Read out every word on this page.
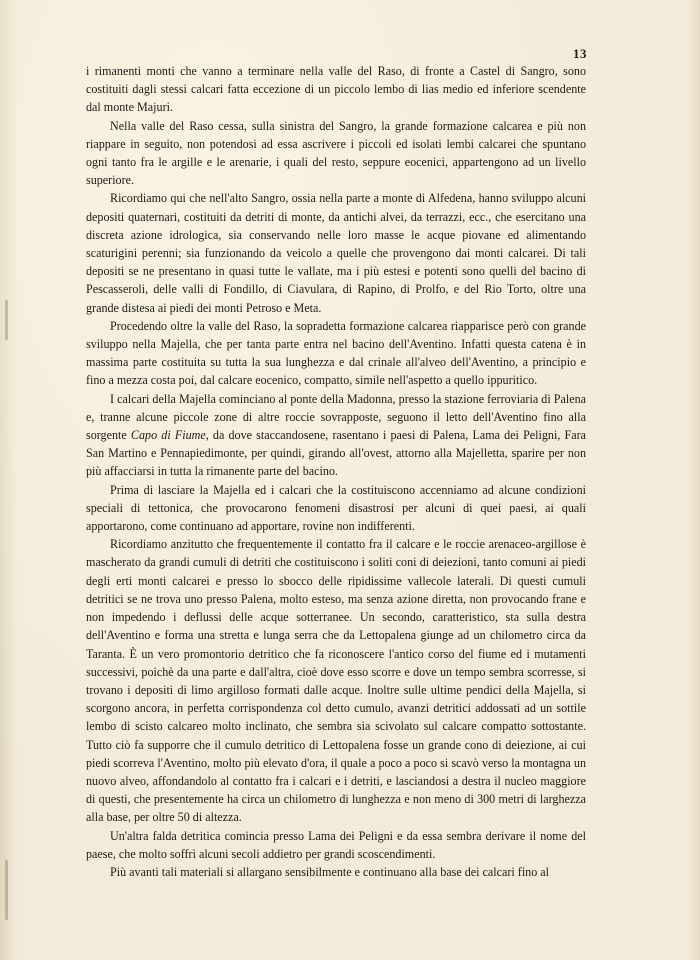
13

i rimanenti monti che vanno a terminare nella valle del Raso, di fronte a Castel di Sangro, sono costituiti dagli stessi calcari fatta eccezione di un piccolo lembo di lias medio ed inferiore scendente dal monte Majuri.

Nella valle del Raso cessa, sulla sinistra del Sangro, la grande formazione calcarea e più non riappare in seguito, non potendosi ad essa ascrivere i piccoli ed isolati lembi calcarei che spuntano ogni tanto fra le argille e le arenarie, i quali del resto, seppure eocenici, appartengono ad un livello superiore.

Ricordiamo qui che nell'alto Sangro, ossia nella parte a monte di Alfedena, hanno sviluppo alcuni depositi quaternari, costituiti da detriti di monte, da antichi alvei, da terrazzi, ecc., che esercitano una discreta azione idrologica, sia conservando nelle loro masse le acque piovane ed alimentando scaturigini perenni; sia funzionando da veicolo a quelle che provengono dai monti calcarei. Di tali depositi se ne presentano in quasi tutte le vallate, ma i più estesi e potenti sono quelli del bacino di Pescasseroli, delle valli di Fondillo, di Ciavulara, di Rapino, di Prolfo, e del Rio Torto, oltre una grande distesa ai piedi dei monti Petroso e Meta.

Procedendo oltre la valle del Raso, la sopradetta formazione calcarea riapparisce però con grande sviluppo nella Majella, che per tanta parte entra nel bacino dell'Aventino. Infatti questa catena è in massima parte costituita su tutta la sua lunghezza e dal crinale all'alveo dell'Aventino, a principio e fino a mezza costa poi, dal calcare eocenico, compatto, simile nell'aspetto a quello ippuritico.

I calcari della Majella cominciano al ponte della Madonna, presso la stazione ferroviaria di Palena e, tranne alcune piccole zone di altre roccie sovrapposte, seguono il letto dell'Aventino fino alla sorgente Capo di Fiume, da dove staccandosene, rasentano i paesi di Palena, Lama dei Peligni, Fara San Martino e Pennapiedimonte, per quindi, girando all'ovest, attorno alla Majelletta, sparire per non più affacciarsi in tutta la rimanente parte del bacino.

Prima di lasciare la Majella ed i calcari che la costituiscono accenniamo ad alcune condizioni speciali di tettonica, che provocarono fenomeni disastrosi per alcuni di quei paesi, ai quali apportarono, come continuano ad apportare, rovine non indifferenti.

Ricordiamo anzitutto che frequentemente il contatto fra il calcare e le roccie arenaceo-argillose è mascherato da grandi cumuli di detriti che costituiscono i soliti coni di deiezioni, tanto comuni ai piedi degli erti monti calcarei e presso lo sbocco delle ripidissime vallecole laterali. Di questi cumuli detritici se ne trova uno presso Palena, molto esteso, ma senza azione diretta, non provocando frane e non impedendo i deflussi delle acque sotterranee. Un secondo, caratteristico, sta sulla destra dell'Aventino e forma una stretta e lunga serra che da Lettopalena giunge ad un chilometro circa da Taranta. È un vero promontorio detritico che fa riconoscere l'antico corso del fiume ed i mutamenti successivi, poichè da una parte e dall'altra, cioè dove esso scorre e dove un tempo sembra scorresse, si trovano i depositi di limo argilloso formati dalle acque. Inoltre sulle ultime pendici della Majella, si scorgono ancora, in perfetta corrispondenza col detto cumulo, avanzi detritici addossati ad un sottile lembo di scisto calcareo molto inclinato, che sembra sia scivolato sul calcare compatto sottostante. Tutto ciò fa supporre che il cumulo detritico di Lettopalena fosse un grande cono di deiezione, ai cui piedi scorreva l'Aventino, molto più elevato d'ora, il quale a poco a poco si scavò verso la montagna un nuovo alveo, affondandolo al contatto fra i calcari e i detriti, e lasciandosi a destra il nucleo maggiore di questi, che presentemente ha circa un chilometro di lunghezza e non meno di 300 metri di larghezza alla base, per oltre 50 di altezza.

Un'altra falda detritica comincia presso Lama dei Peligni e da essa sembra derivare il nome del paese, che molto soffrì alcuni secoli addietro per grandi scoscendimenti.

Più avanti tali materiali si allargano sensibilmente e continuano alla base dei calcari fino al
